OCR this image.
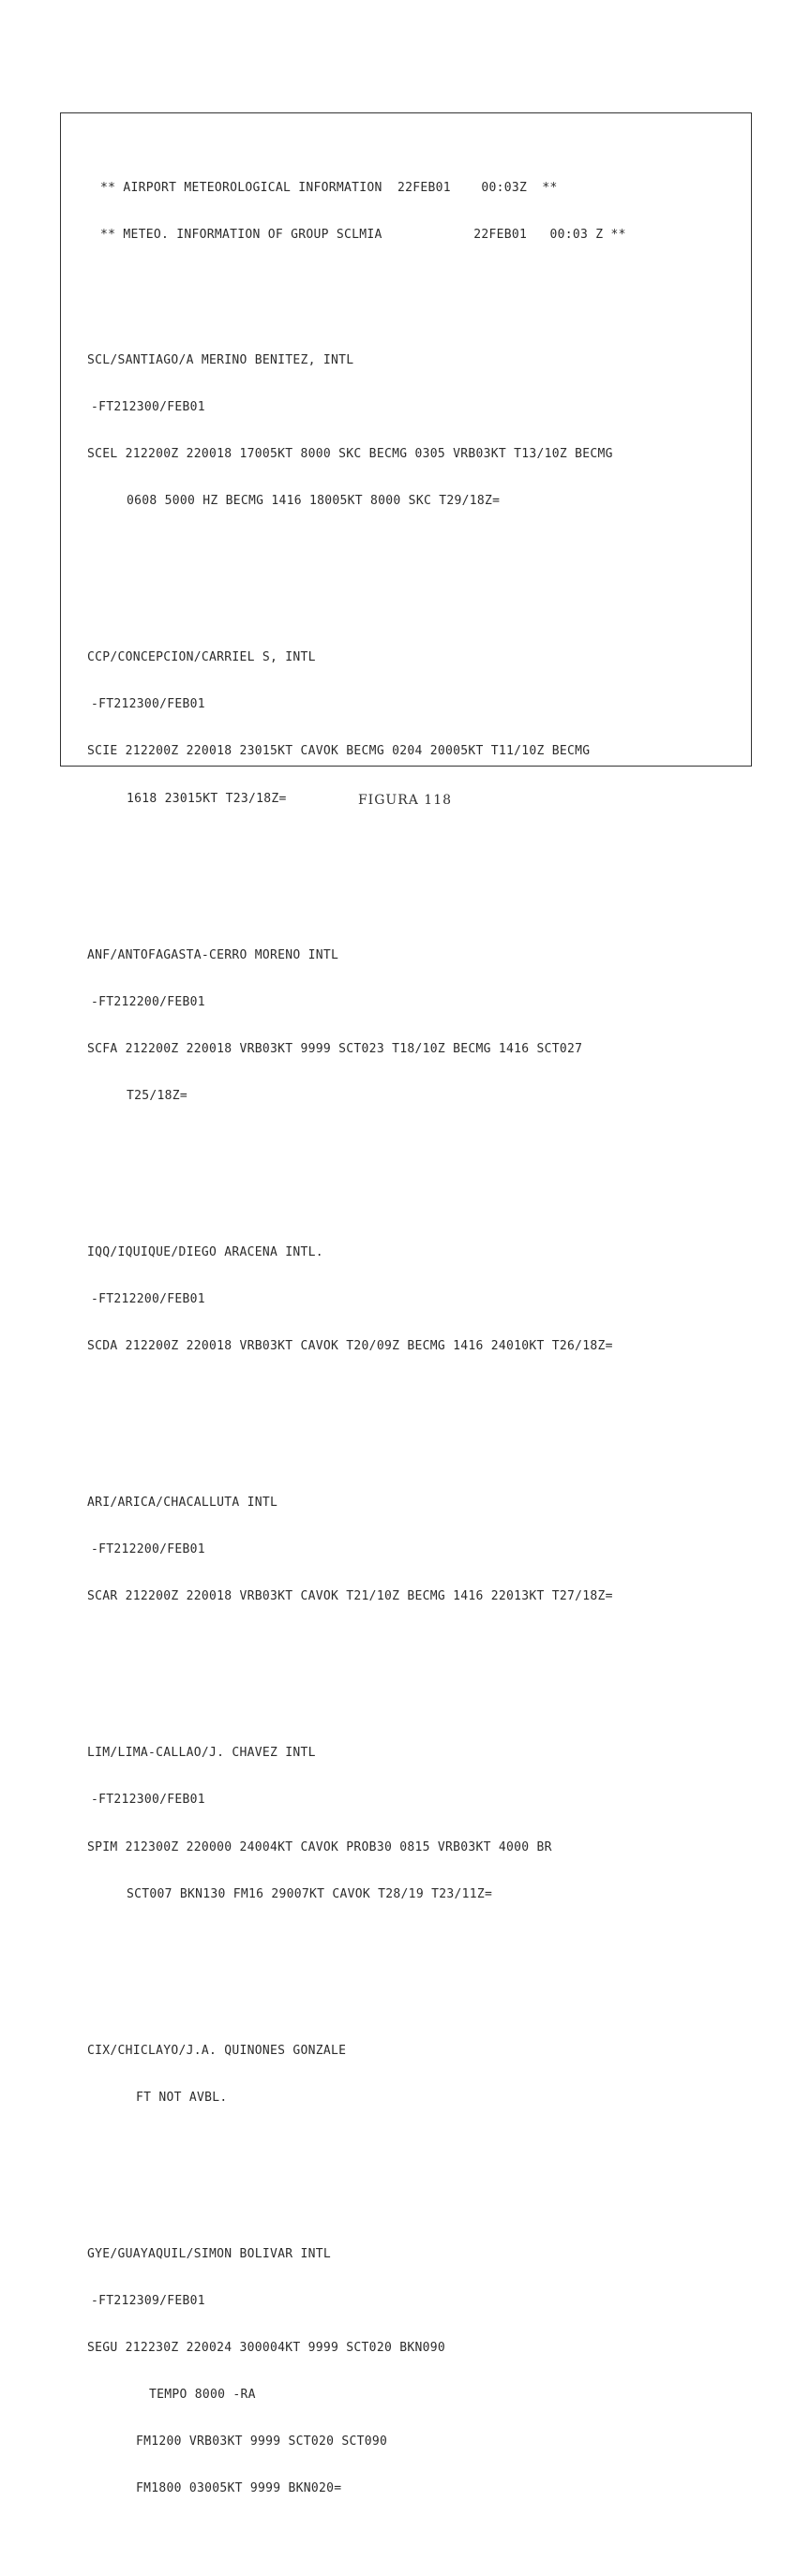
** AIRPORT METEOROLOGICAL INFORMATION 22FEB01	00:03Z **

** METEO. INFORMATION OF GROUP SCLMIA	22FEB01 00:03 Z **

SCL/SANTIAGO/A MERINO BENITEZ, INTL

-FT212300/FEB01

SCEL 212200Z 220018 17005KT 8000 SKC BECMG 0305 VRB03KT T13/10Z BECMG

0608 5000 HZ BECMG 1416 18005KT 8000 SKC T29/18Z=

CCP/CONCEPCION/CARRIEL S, INTL

-FT212300/FEB01

SCIE 212200Z 220018 23015KT CAVOK BECMG 0204 20005KT T11/10Z BECMG

1618 23015KT T23/18Z=

ANF/ANTOFAGASTA-CERRO MORENO INTL

-FT212200/FEB01

SCFA 212200Z 220018 VRB03KT 9999 SCT023 T18/10Z BECMG 1416 SCT027

T25/18Z=

IQQ/IQUIQUE/DIEGO ARACENA INTL.

-FT212200/FEB01

SCDA 212200Z 220018 VRB03KT CAVOK T20/09Z BECMG 1416 24010KT T26/18Z=

ARI/ARICA/CHACALLUTA INTL

-FT212200/FEB01

SCAR 212200Z 220018 VRB03KT CAVOK T21/10Z BECMG 1416 22013KT T27/18Z=

LIM/LIMA-CALLAO/J. CHAVEZ INTL

-FT212300/FEB01

SPIM 212300Z 220000 24004KT CAVOK PROB30 0815 VRB03KT 4000 BR

SCT007 BKN130 FM16 29007KT CAVOK T28/19 T23/11Z=

CIX/CHICLAYO/J.A. QUINONES GONZALE

FT NOT AVBL.

GYE/GUAYAQUIL/SIMON BOLIVAR INTL

-FT212309/FEB01

SEGU 212230Z 220024 300004KT 9999 SCT020 BKN090

TEMPO 8000 -RA

FM1200 VRB03KT 9999 SCT020 SCT090

FM1800 03005KT 9999 BKN020=

FIGURA 118
